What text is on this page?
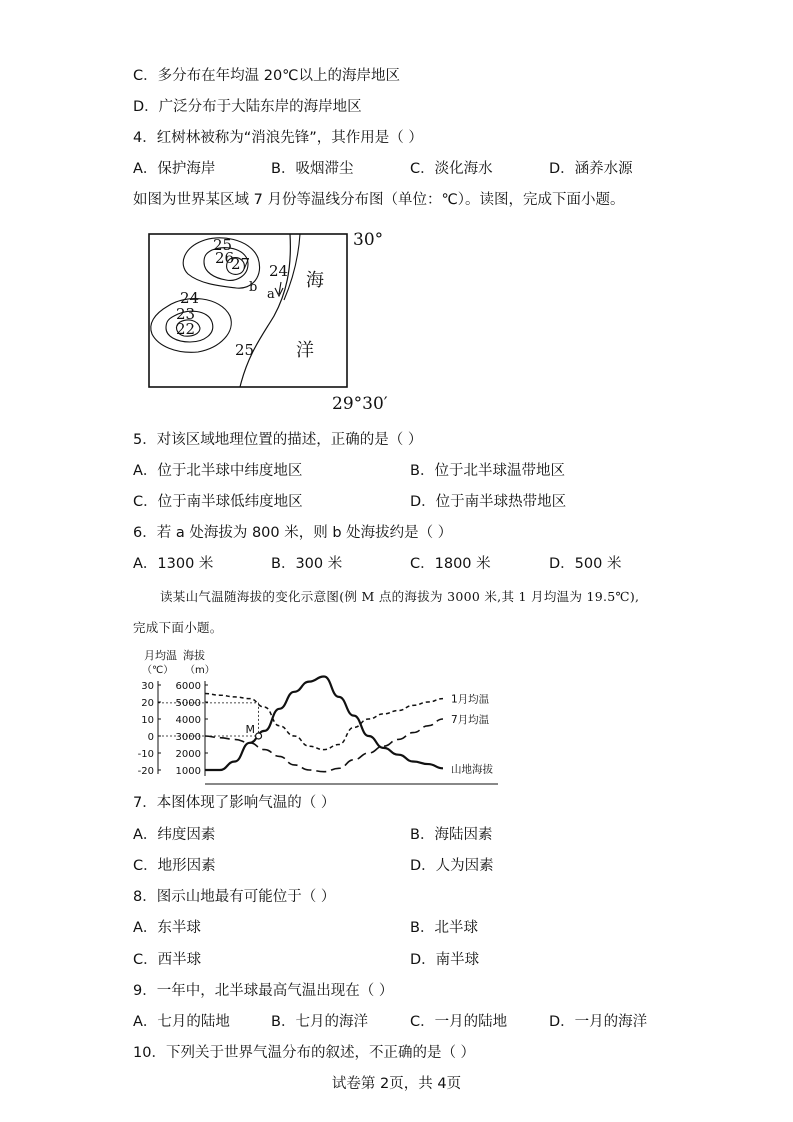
C．多分布在年均温 20℃以上的海岸地区
D．广泛分布于大陆东岸的海岸地区
4．红树林被称为“消浪先锋”，其作用是（ ）
A．保护海岸	B．吸烟滞尘	C．淡化海水	D．涵养水源
如图为世界某区域 7 月份等温线分布图（单位：℃）。读图，完成下面小题。
30°
29°30′
海
洋
25
26
27 24
24
23
22
25
a
b
5．对该区域地理位置的描述，正确的是（ ）
A．位于北半球中纬度地区	B．位于北半球温带地区
C．位于南半球低纬度地区	D．位于南半球热带地区
6．若 a 处海拔为 800 米，则 b 处海拔约是（ ）
A．1300 米	B．300 米	C．1800 米	D．500 米
读某山气温随海拔的变化示意图(例 M 点的海拔为 3000 米,其 1 月均温为 19.5℃),
完成下面小题。
月均温 海拔
（℃） （m）
30
20
10
0
-10
-20
6000
5000
4000
3000
2000
1000
1月均温
7月均温
山地海拔
M
7．本图体现了影响气温的（ ）
A．纬度因素	B．海陆因素
C．地形因素	D．人为因素
8．图示山地最有可能位于（ ）
A．东半球	B．北半球
C．西半球	D．南半球
9．一年中，北半球最高气温出现在（ ）
A．七月的陆地	B．七月的海洋	C．一月的陆地	D．一月的海洋
10．下列关于世界气温分布的叙述，不正确的是（ ）
试卷第 2页，共 4页
